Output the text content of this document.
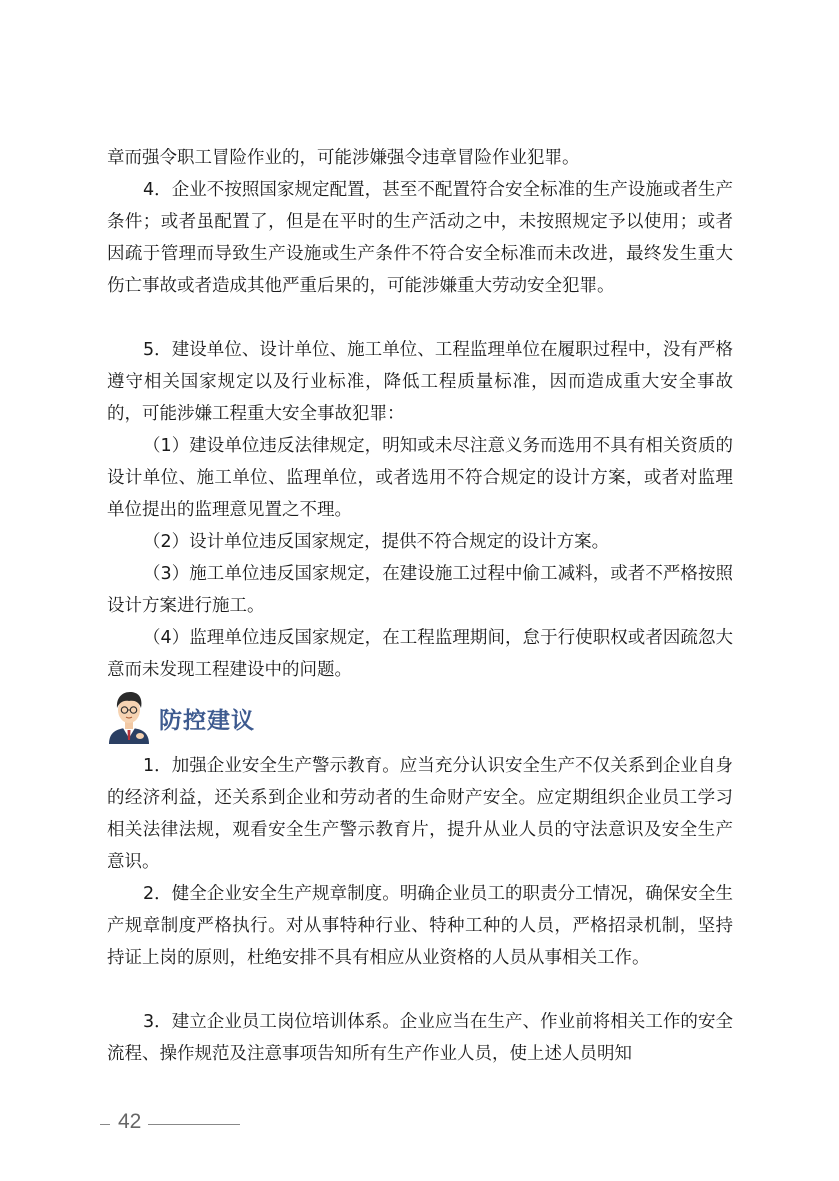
章而强令职工冒险作业的，可能涉嫌强令违章冒险作业犯罪。

4．企业不按照国家规定配置，甚至不配置符合安全标准的生产设施或者生产条件；或者虽配置了，但是在平时的生产活动之中，未按照规定予以使用；或者因疏于管理而导致生产设施或生产条件不符合安全标准而未改进，最终发生重大伤亡事故或者造成其他严重后果的，可能涉嫌重大劳动安全犯罪。

5．建设单位、设计单位、施工单位、工程监理单位在履职过程中，没有严格遵守相关国家规定以及行业标准，降低工程质量标准，因而造成重大安全事故的，可能涉嫌工程重大安全事故犯罪：

（1）建设单位违反法律规定，明知或未尽注意义务而选用不具有相关资质的设计单位、施工单位、监理单位，或者选用不符合规定的设计方案，或者对监理单位提出的监理意见置之不理。

（2）设计单位违反国家规定，提供不符合规定的设计方案。

（3）施工单位违反国家规定，在建设施工过程中偷工减料，或者不严格按照设计方案进行施工。

（4）监理单位违反国家规定，在工程监理期间，怠于行使职权或者因疏忽大意而未发现工程建设中的问题。

防控建议

1．加强企业安全生产警示教育。应当充分认识安全生产不仅关系到企业自身的经济利益，还关系到企业和劳动者的生命财产安全。应定期组织企业员工学习相关法律法规，观看安全生产警示教育片，提升从业人员的守法意识及安全生产意识。

2．健全企业安全生产规章制度。明确企业员工的职责分工情况，确保安全生产规章制度严格执行。对从事特种行业、特种工种的人员，严格招录机制，坚持持证上岗的原则，杜绝安排不具有相应从业资格的人员从事相关工作。

3．建立企业员工岗位培训体系。企业应当在生产、作业前将相关工作的安全流程、操作规范及注意事项告知所有生产作业人员，使上述人员明知

42
